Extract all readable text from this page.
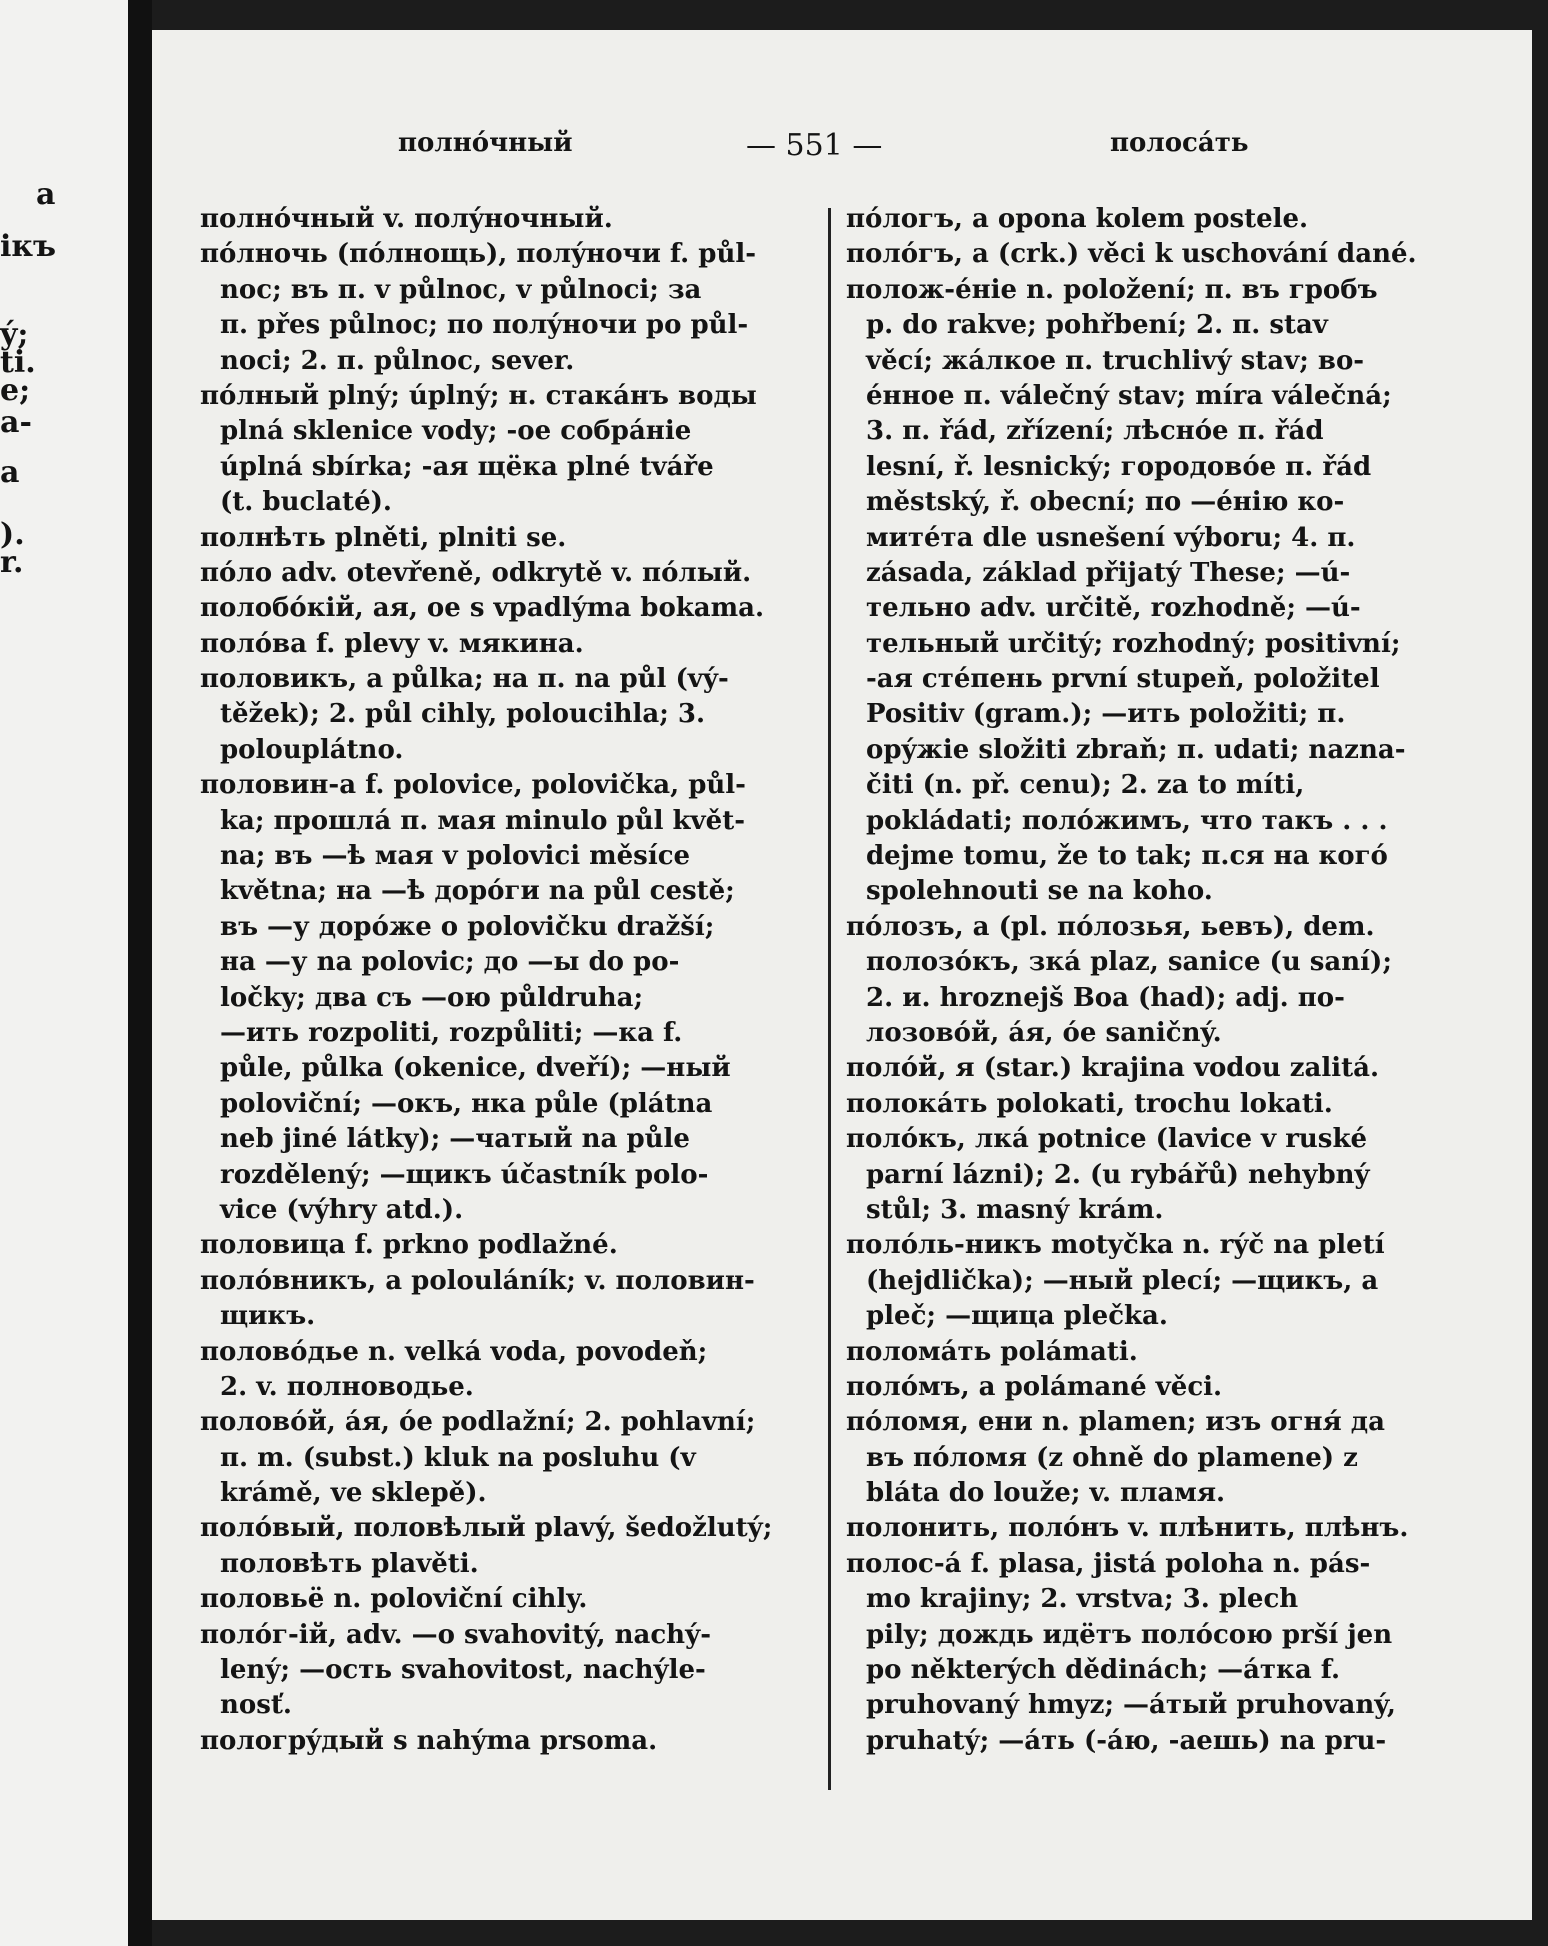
a
ікъ
ý;
ti.
e;
a-
a
).
r.
полнóчный	— 551 —	полосáть
полнóчный v. полýночный.
пóлночь (пóлнощь), полýночи f. půl-
noc; въ п. v půlnoc, v půlnoci; за
п. přes půlnoc; по полýночи po půl-
noci; 2. п. půlnoc, sever.
пóлный plný; úplný; н. стакáнъ воды
plná sklenice vody; -ое собрáніе
úplná sbírka; -ая щёка plné tváře
(t. buclaté).
полнѣть plněti, plniti se.
пóло adv. otevřeně, odkrytě v. пóлый.
полобóкій, ая, ое s vpadlýma bokama.
полóва f. plevy v. мякина.
половикъ, а půlka; на п. na půl (vý-
těžek); 2. půl cihly, poloucihla; 3.
polouplátno.
половин-а f. polovice, polovička, půl-
ka; прошлá п. мая minulo půl květ-
na; въ —ѣ мая v polovici měsíce
května; на —ѣ дорóги na půl cestě;
въ —у дорóже o polovičku dražší;
на —у na polovic; до —ы do po-
ločky; два съ —ою půldruha;
—ить rozpoliti, rozpůliti; —ка f.
půle, půlka (okenice, dveří); —ный
poloviční; —окъ, нка půle (plátna
neb jiné látky); —чатый na půle
rozdělený; —щикъ účastník polo-
vice (výhry atd.).
половица f. prkno podlažné.
полóвникъ, а polouláník; v. половин-
щикъ.
половóдье n. velká voda, povodeň;
2. v. полноводье.
половóй, áя, óе podlažní; 2. pohlavní;
п. m. (subst.) kluk na posluhu (v
krámě, ve sklepě).
полóвый, половѣлый plavý, šedožlutý;
половѣть plavěti.
половьё n. poloviční cihly.
полóг-ій, adv. —о svahovitý, nachý-
lený; —ость svahovitost, nachýle-
nosť.
пологрýдый s nahýma prsoma.
пóлогъ, а opona kolem postele.
полóгъ, а (crk.) věci k uschování dané.
полож-éніе n. položení; п. въ гробъ
p. do rakve; pohřbení; 2. п. stav
věcí; жáлкое п. truchlivý stav; во-
éнное п. válečný stav; míra válečná;
3. п. řád, zřízení; лѣснóе п. řád
lesní, ř. lesnický; городовóе п. řád
městský, ř. obecní; по —éнію ко-
митéта dle usnešení výboru; 4. п.
zásada, základ přijatý These; —ú-
тельно adv. určitě, rozhodně; —ú-
тельный určitý; rozhodný; positivní;
-ая стéпень první stupeň, položitel
Positiv (gram.); —ить položiti; п.
орýжіе složiti zbraň; п. udati; nazna-
čiti (n. př. cenu); 2. za to míti,
pokládati; полóжимъ, что такъ . . .
dejme tomu, že to tak; п.ся на когó
spolehnouti se na koho.
пóлозъ, а (pl. пóлозья, ьевъ), dem.
полозóкъ, зкá plaz, sanice (u saní);
2. и. hroznejš Boa (had); adj. по-
лозовóй, áя, óе saničný.
полóй, я (star.) krajina vodou zalitá.
полокáть polokati, trochu lokati.
полóкъ, лкá potnice (lavice v ruské
parní lázni); 2. (u rybářů) nehybný
stůl; 3. masný krám.
полóль-никъ motyčka n. rýč na pletí
(hejdlička); —ный plecí; —щикъ, а
pleč; —щица plečka.
поломáть polámati.
полóмъ, а polámané věci.
пóломя, ени n. plamen; изъ огня́ да
въ пóломя (z ohně do plamene) z
bláta do louže; v. пламя.
полонить, полóнъ v. плѣнить, плѣнъ.
полос-á f. plasa, jistá poloha n. pás-
mo krajiny; 2. vrstva; 3. plech
pily; дождь идётъ полóсою prší jen
po některých dědinách; —áтка f.
pruhovaný hmyz; —áтый pruhovaný,
pruhatý; —áть (-áю, -аешь) na pru-
